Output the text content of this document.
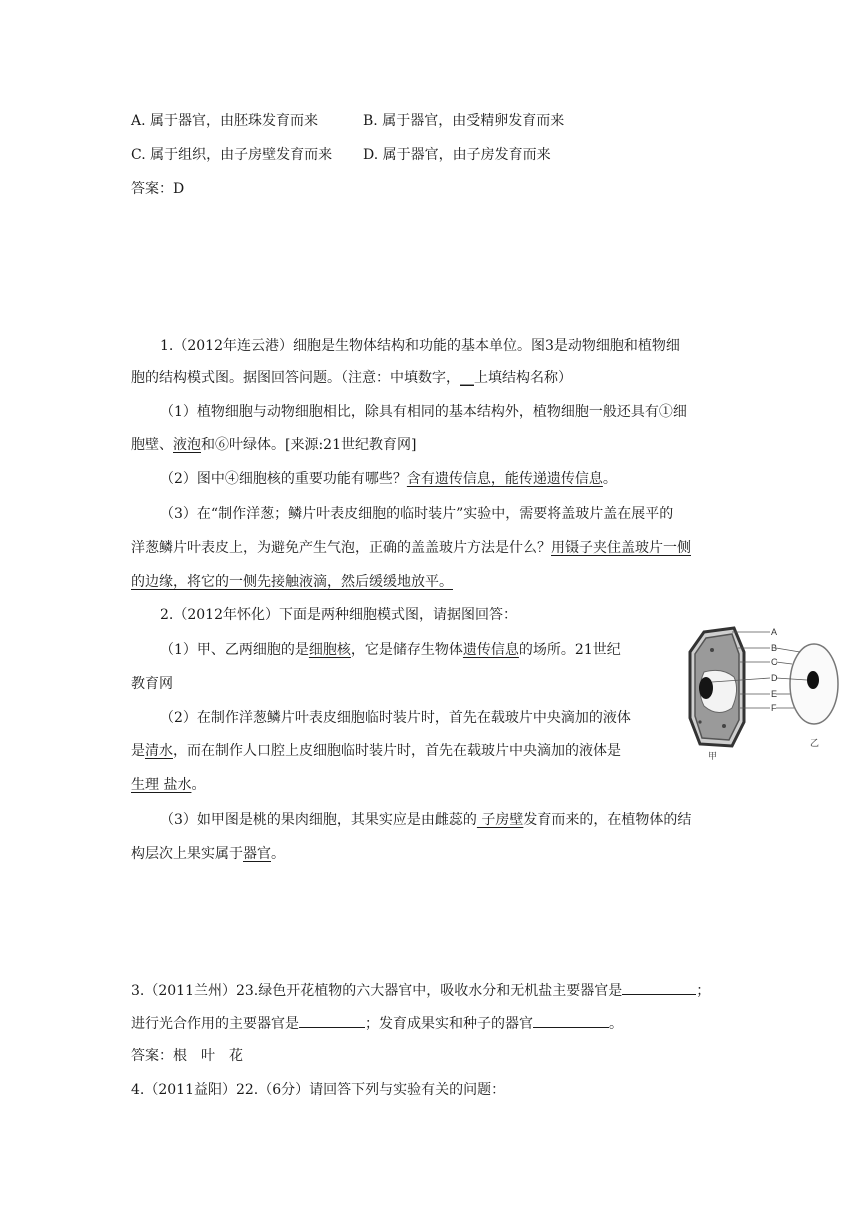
A. 属于器官，由胚珠发育而来	B. 属于器官，由受精卵发育而来
C. 属于组织，由子房壁发育而来 D. 属于器官，由子房发育而来
答案：D
1.（2012年连云港）细胞是生物体结构和功能的基本单位。图3是动物细胞和植物细
胞的结构模式图。据图回答问题。（注意：中填数字，__上填结构名称）
（1）植物细胞与动物细胞相比，除具有相同的基本结构外，植物细胞一般还具有①细
胞壁、液泡和⑥叶绿体。[来源:21世纪教育网]
（2）图中④细胞核的重要功能有哪些？含有遗传信息，能传递遗传信息。
（3）在“制作洋葱；鳞片叶表皮细胞的临时装片”实验中，需要将盖玻片盖在展平的
洋葱鳞片叶表皮上，为避免产生气泡，正确的盖盖玻片方法是什么？用镊子夹住盖玻片一侧
的边缘，将它的一侧先接触液滴，然后缓缓地放平。
2.（2012年怀化）下面是两种细胞模式图，请据图回答：
（1）甲、乙两细胞的是细胞核，它是储存生物体遗传信息的场所。21世纪
教育网
（2）在制作洋葱鳞片叶表皮细胞临时装片时，首先在载玻片中央滴加的液体
是清水，而在制作人口腔上皮细胞临时装片时，首先在载玻片中央滴加的液体是
生理 盐水。
（3）如甲图是桃的果肉细胞，其果实应是由雌蕊的 子房壁发育而来的，在植物体的结
构层次上果实属于器官。
A
B
C
D
E
F
甲
乙
3.（2011兰州）23.绿色开花植物的六大器官中，吸收水分和无机盐主要器官是	；
进行光合作用的主要器官是	；发育成果实和种子的器官	。
答案：根　叶　花
4.（2011益阳）22.（6分）请回答下列与实验有关的问题：
